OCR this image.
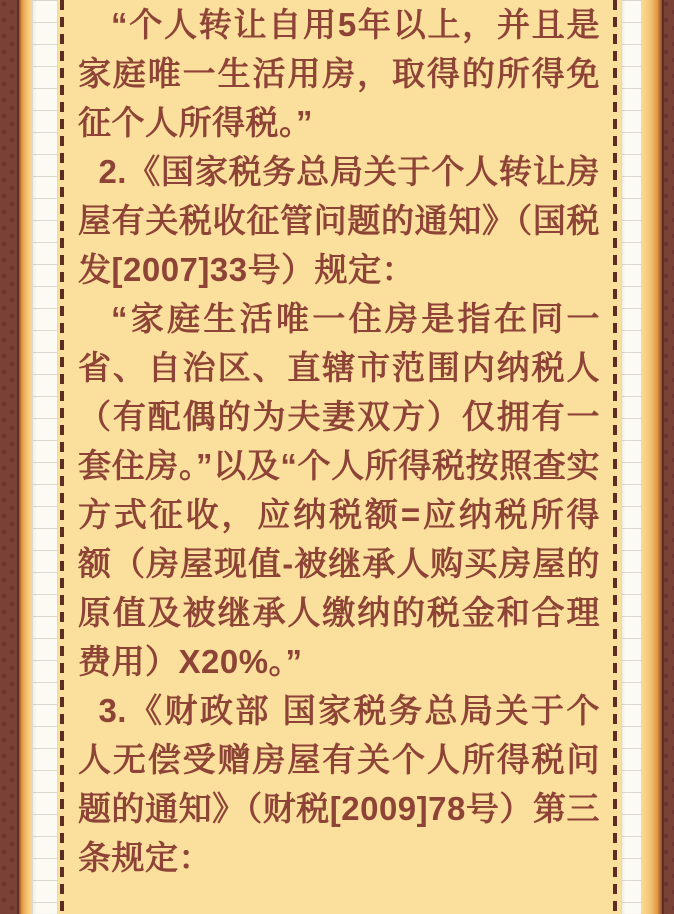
“个人转让自用5年以上，并且是家庭唯一生活用房，取得的所得免征个人所得税。”

2.《国家税务总局关于个人转让房屋有关税收征管问题的通知》（国税发[2007]33号）规定：

“家庭生活唯一住房是指在同一省、自治区、直辖市范围内纳税人（有配偶的为夫妻双方）仅拥有一套住房。”以及“个人所得税按照查实方式征收，应纳税额=应纳税所得额（房屋现值-被继承人购买房屋的原值及被继承人缴纳的税金和合理费用）X20%。”

3.《财政部 国家税务总局关于个人无偿受赠房屋有关个人所得税问题的通知》（财税[2009]78号）第三条规定：
